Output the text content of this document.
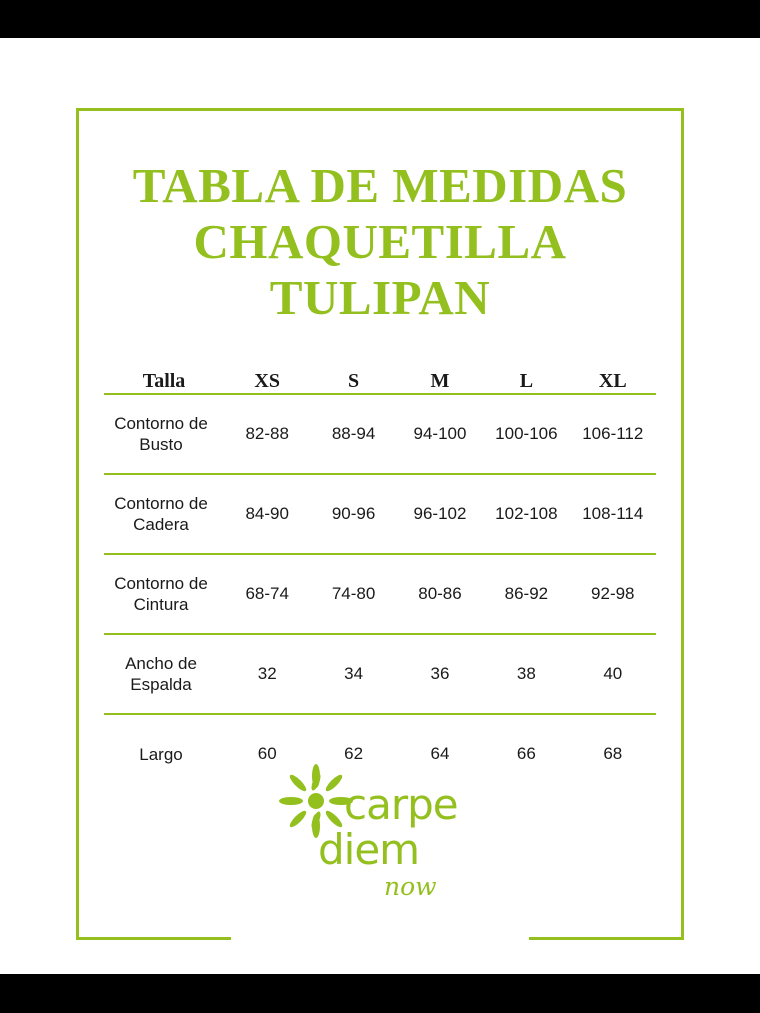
TABLA DE MEDIDAS
CHAQUETILLA
TULIPAN
Talla	XS	S	M	L	XL
Contorno de Busto	82-88	88-94	94-100	100-106	106-112
Contorno de Cadera	84-90	90-96	96-102	102-108	108-114
Contorno de Cintura	68-74	74-80	80-86	86-92	92-98
Ancho de Espalda	32	34	36	38	40
Largo	60	62	64	66	68
carpe
diem
now
